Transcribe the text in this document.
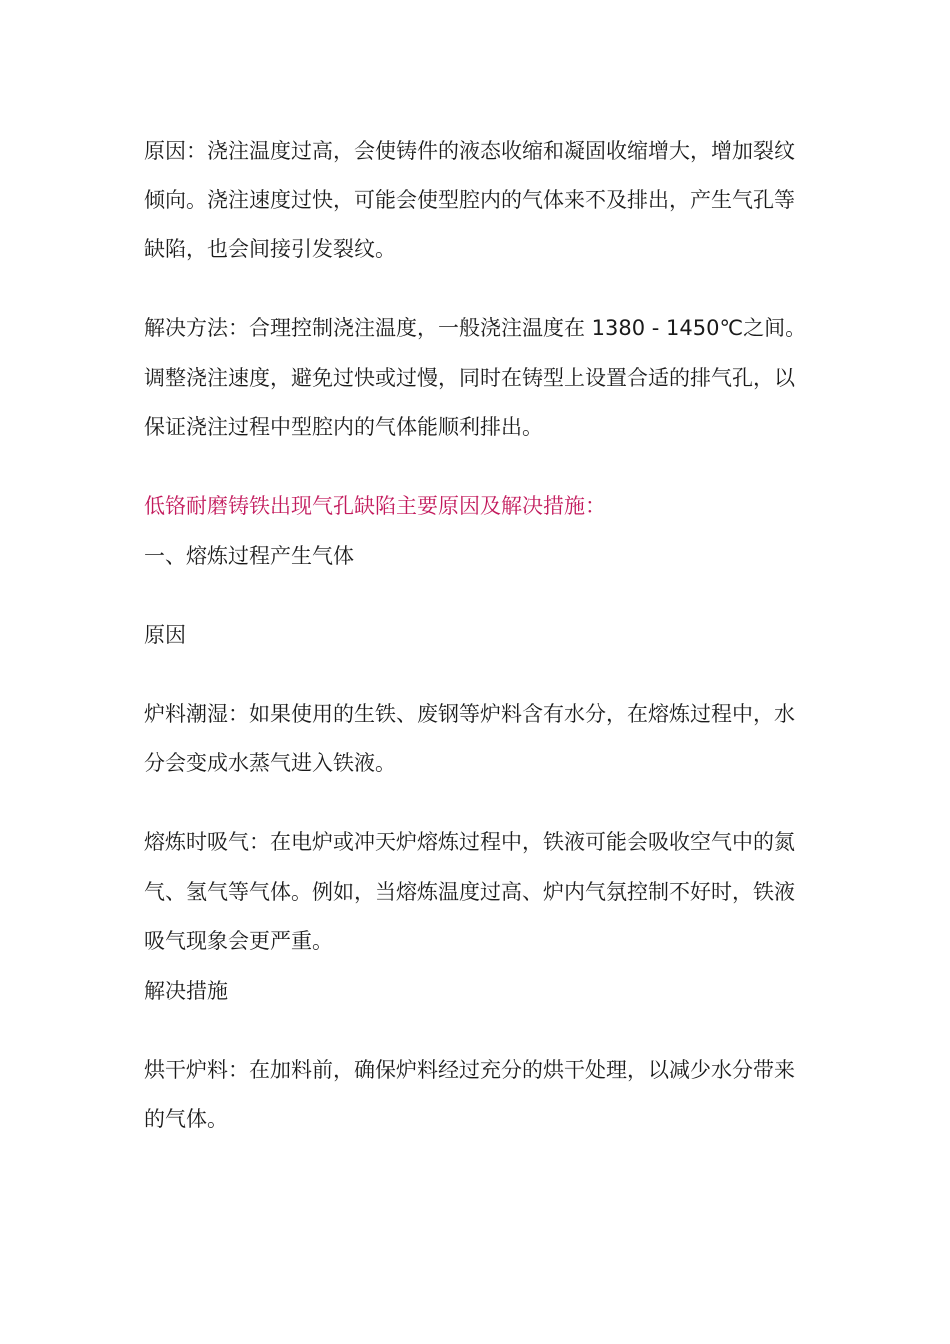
原因：浇注温度过高，会使铸件的液态收缩和凝固收缩增大，增加裂纹
倾向。浇注速度过快，可能会使型腔内的气体来不及排出，产生气孔等
缺陷，也会间接引发裂纹。
解决方法：合理控制浇注温度，一般浇注温度在 1380 - 1450℃之间。
调整浇注速度，避免过快或过慢，同时在铸型上设置合适的排气孔，以
保证浇注过程中型腔内的气体能顺利排出。
低铬耐磨铸铁出现气孔缺陷主要原因及解决措施：
一、熔炼过程产生气体
原因
炉料潮湿：如果使用的生铁、废钢等炉料含有水分，在熔炼过程中，水
分会变成水蒸气进入铁液。
熔炼时吸气：在电炉或冲天炉熔炼过程中，铁液可能会吸收空气中的氮
气、氢气等气体。例如，当熔炼温度过高、炉内气氛控制不好时，铁液
吸气现象会更严重。
解决措施
烘干炉料：在加料前，确保炉料经过充分的烘干处理，以减少水分带来
的气体。
